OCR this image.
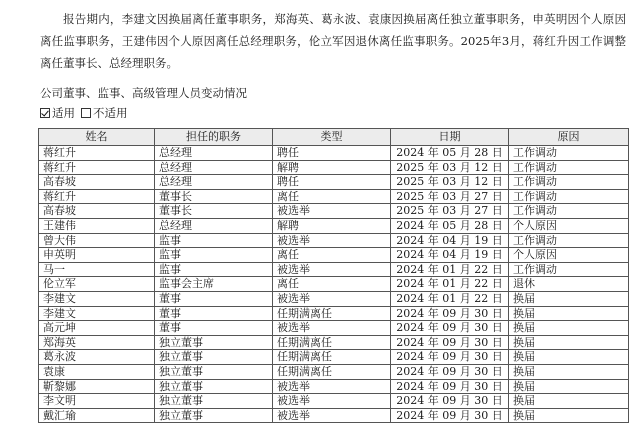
报告期内，李建文因换届离任董事职务，郑海英、葛永波、袁康因换届离任独立董事职务，申英明因个人原因离任监事职务，王建伟因个人原因离任总经理职务，伦立军因退休离任监事职务。2025年3月，蒋红升因工作调整离任董事长、总经理职务。

公司董事、监事、高级管理人员变动情况
适用 不适用
姓名	担任的职务	类型	日期	原因
蒋红升	总经理	聘任	2024 年 05 月 28 日	工作调动
蒋红升	总经理	解聘	2025 年 03 月 12 日	工作调动
高春坡	总经理	聘任	2025 年 03 月 12 日	工作调动
蒋红升	董事长	离任	2025 年 03 月 27 日	工作调动
高春坡	董事长	被选举	2025 年 03 月 27 日	工作调动
王建伟	总经理	解聘	2024 年 05 月 28 日	个人原因
曾大伟	监事	被选举	2024 年 04 月 19 日	工作调动
申英明	监事	离任	2024 年 04 月 19 日	个人原因
马一	监事	被选举	2024 年 01 月 22 日	工作调动
伦立军	监事会主席	离任	2024 年 01 月 22 日	退休
李建文	董事	被选举	2024 年 01 月 22 日	换届
李建文	董事	任期满离任	2024 年 09 月 30 日	换届
高元坤	董事	被选举	2024 年 09 月 30 日	换届
郑海英	独立董事	任期满离任	2024 年 09 月 30 日	换届
葛永波	独立董事	任期满离任	2024 年 09 月 30 日	换届
袁康	独立董事	任期满离任	2024 年 09 月 30 日	换届
靳黎娜	独立董事	被选举	2024 年 09 月 30 日	换届
李文明	独立董事	被选举	2024 年 09 月 30 日	换届
戴汇瑜	独立董事	被选举	2024 年 09 月 30 日	换届
